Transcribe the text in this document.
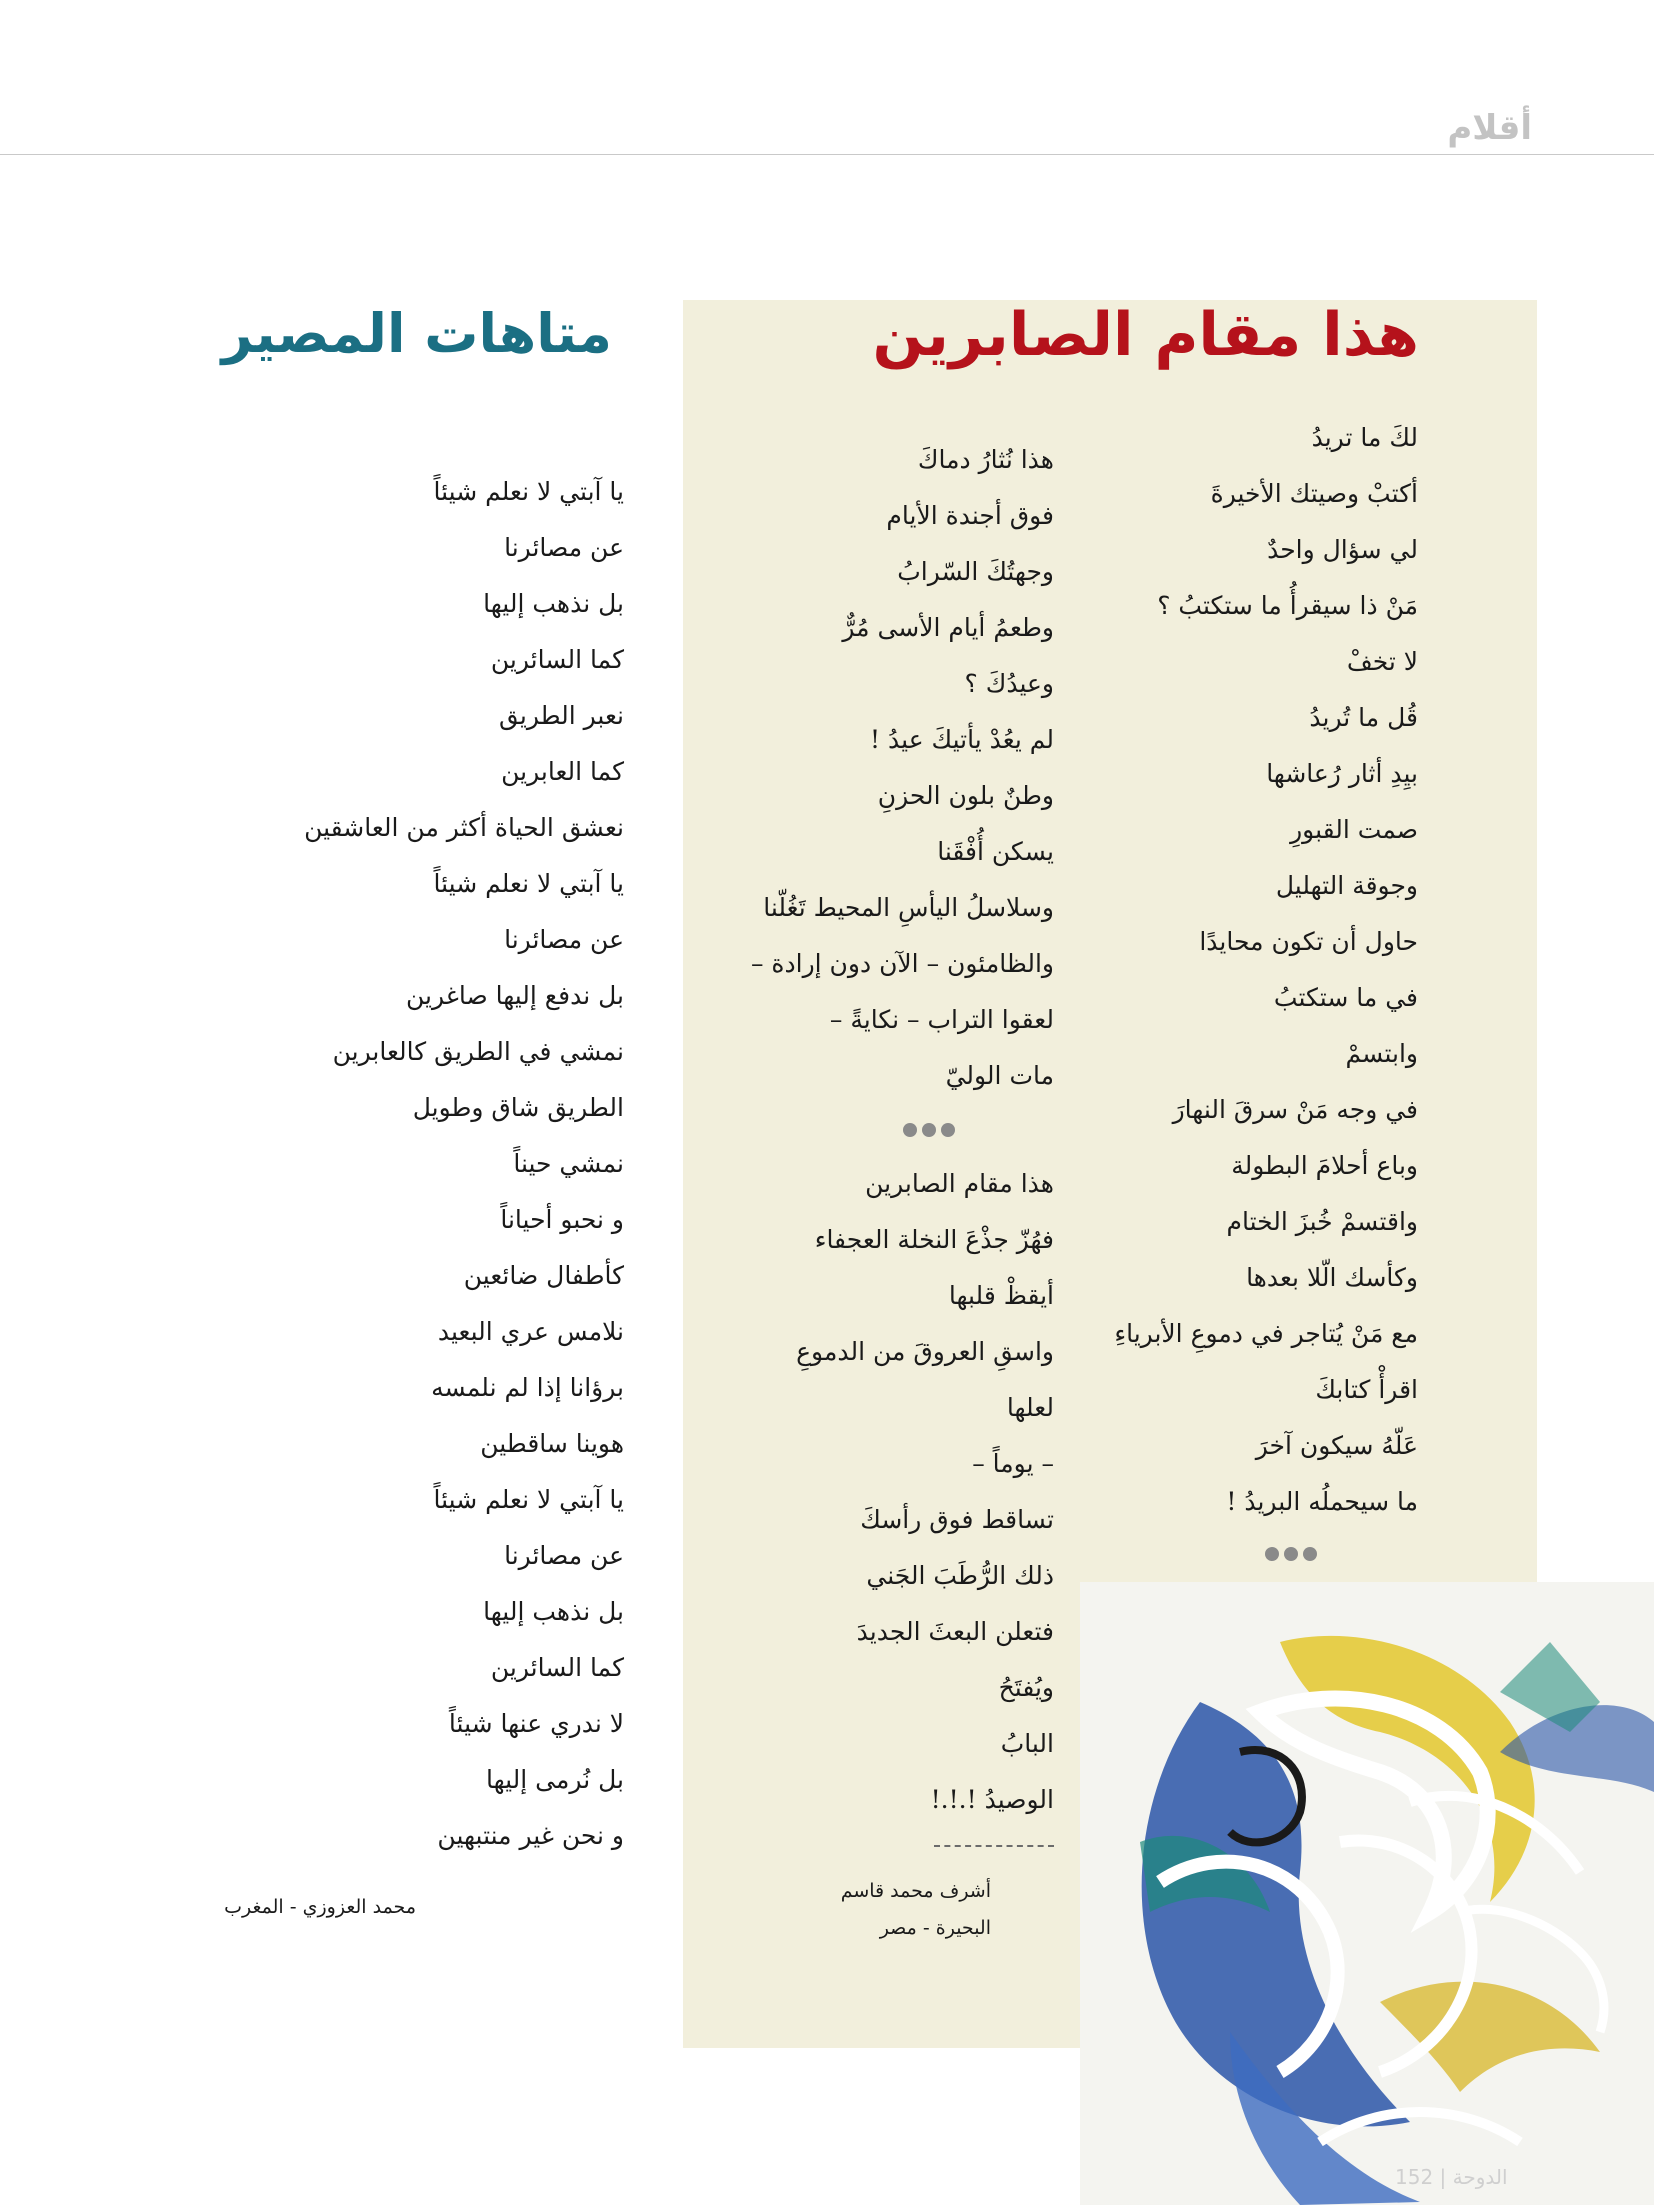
أقلام
هذا مقام الصابرين
متاهات المصير
لكَ ما تريدُ
أكتبْ وصيتك الأخيرةَ
لي سؤال واحدٌ
مَنْ ذا سيقرأُ ما ستكتبُ ؟
لا تخفْ
قُل ما تُريدُ
بيِدِ أثار رُعاشها
صمت القبورِ
وجوقة التهليل
حاول أن تكون محايدًا
في ما ستكتبُ
وابتسمْ
في وجه مَنْ سرقَ النهارَ
وباع أحلامَ البطولة
واقتسمْ خُبزَ الختام
وكأسك الّلا بعدها
مع مَنْ يُتاجر في دموعِ الأبرياءِ
اقرأْ كتابكَ
عَلّهُ سيكون آخرَ
ما سيحملُه البريدُ !
هذا نُثارُ دماكَ
فوق أجندة الأيام
وجهتُكَ السّرابُ
وطعمُ أيام الأسى مُرٌّ
وعيدُكَ ؟
لم يعُدْ يأتيكَ عيدُ !
وطنٌ بلون الحزنِ
يسكن أُفْقَنا
وسلاسلُ اليأسِ المحيط تَغُلّنا
والظامئون – الآن دون إرادة –
لعقوا التراب – نكايةً –
مات الوليّ
هذا مقام الصابرين
فهُزّ جذْعَ النخلة العجفاء
أيقظْ قلبها
واسقِ العروقَ من الدموعِ
لعلها
– يوماً –
تساقط فوق رأسكَ
ذلك الرُّطَبَ الجَني
فتعلن البعثَ الجديدَ
ويُفتَحُ
البابُ
الوصيدُ !.!.!
أشرف محمد قاسم
البحيرة - مصر
يا آبتي لا نعلم شيئاً
عن مصائرنا
بل نذهب إليها
كما السائرين
نعبر الطريق
كما العابرين
نعشق الحياة أكثر من العاشقين
يا آبتي لا نعلم شيئاً
عن مصائرنا
بل ندفع إليها صاغرين
نمشي في الطريق كالعابرين
الطريق شاق وطويل
نمشي حيناً
و نحبو أحياناً
كأطفال ضائعين
نلامس عري البعيد
برؤانا إذا لم نلمسه
هوينا ساقطين
يا آبتي لا نعلم شيئاً
عن مصائرنا
بل نذهب إليها
كما السائرين
لا ندري عنها شيئاً
بل نُرمى إليها
و نحن غير منتبهين
محمد العزوزي - المغرب
الدوحة | 152
